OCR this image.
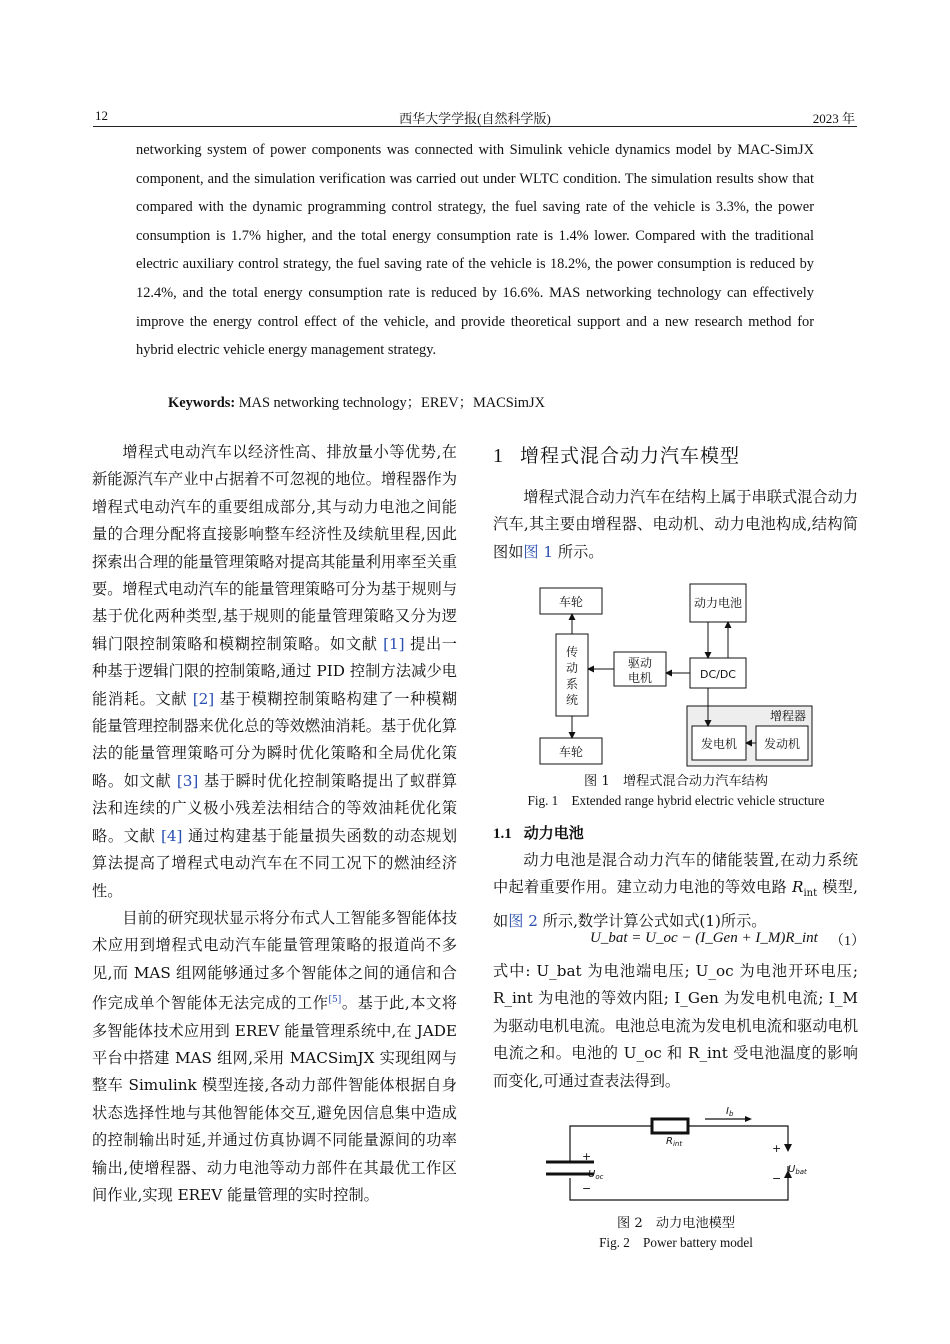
12	西华大学学报(自然科学版)	2023 年
networking system of power components was connected with Simulink vehicle dynamics model by MAC-SimJX component, and the simulation verification was carried out under WLTC condition. The simulation results show that compared with the dynamic programming control strategy, the fuel saving rate of the vehicle is 3.3%, the power consumption is 1.7% higher, and the total energy consumption rate is 1.4% lower. Compared with the traditional electric auxiliary control strategy, the fuel saving rate of the vehicle is 18.2%, the power consumption is reduced by 12.4%, and the total energy consumption rate is reduced by 16.6%. MAS networking technology can effectively improve the energy control effect of the vehicle, and provide theoretical support and a new research method for hybrid electric vehicle energy management strategy.
Keywords: MAS networking technology；EREV；MACSimJX

增程式电动汽车以经济性高、排放量小等优势,在新能源汽车产业中占据着不可忽视的地位。增程器作为增程式电动汽车的重要组成部分,其与动力电池之间能量的合理分配将直接影响整车经济性及续航里程,因此探索出合理的能量管理策略对提高其能量利用率至关重要。增程式电动汽车的能量管理策略可分为基于规则与基于优化两种类型,基于规则的能量管理策略又分为逻辑门限控制策略和模糊控制策略。如文献 [1] 提出一种基于逻辑门限的控制策略,通过 PID 控制方法减少电能消耗。文献 [2] 基于模糊控制策略构建了一种模糊能量管理控制器来优化总的等效燃油消耗。基于优化算法的能量管理策略可分为瞬时优化策略和全局优化策略。如文献 [3] 基于瞬时优化控制策略提出了蚁群算法和连续的广义极小残差法相结合的等效油耗优化策略。文献 [4] 通过构建基于能量损失函数的动态规划算法提高了增程式电动汽车在不同工况下的燃油经济性。

目前的研究现状显示将分布式人工智能多智能体技术应用到增程式电动汽车能量管理策略的报道尚不多见,而 MAS 组网能够通过多个智能体之间的通信和合作完成单个智能体无法完成的工作[5]。基于此,本文将多智能体技术应用到 EREV 能量管理系统中,在 JADE 平台中搭建 MAS 组网,采用 MACSimJX 实现组网与整车 Simulink 模型连接,各动力部件智能体根据自身状态选择性地与其他智能体交互,避免因信息集中造成的控制输出时延,并通过仿真协调不同能量源间的功率输出,使增程器、动力电池等动力部件在其最优工作区间作业,实现 EREV 能量管理的实时控制。

1 增程式混合动力汽车模型

增程式混合动力汽车在结构上属于串联式混合动力汽车,其主要由增程器、电动机、动力电池构成,结构简图如图 1 所示。

车轮
传
动
系
统
车轮
驱动
电机	DC/DC
动力电池
增程器
发电机 发动机
图 1　增程式混合动力汽车结构
Fig. 1　Extended range hybrid electric vehicle structure
1.1 动力电池

动力电池是混合动力汽车的储能装置,在动力系统中起着重要作用。建立动力电池的等效电路 $R_{int}$ 模型,如图 2 所示,数学计算公式如式(1)所示。

U_bat = U_oc − (I_Gen + I_M)R_int （1）

式中: U_bat 为电池端电压; U_oc 为电池开环电压; R_int 为电池的等效内阻; I_Gen 为发电机电流; I_M 为驱动电机电流。电池总电流为发电机电流和驱动电机电流之和。电池的 U_oc 和 R_int 受电池温度的影响而变化,可通过查表法得到。

$I_b$
$R_{int}$
$U_{oc}$
$U_{bat}$
+
−
+
−
图 2　动力电池模型
Fig. 2　Power battery model
